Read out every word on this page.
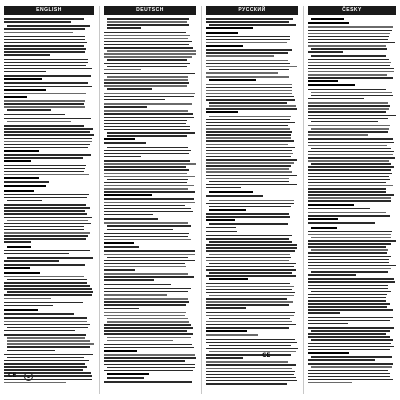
ENGLISH	DEUTSCH	РУССКИЙ	ČESKY
CE
CE
